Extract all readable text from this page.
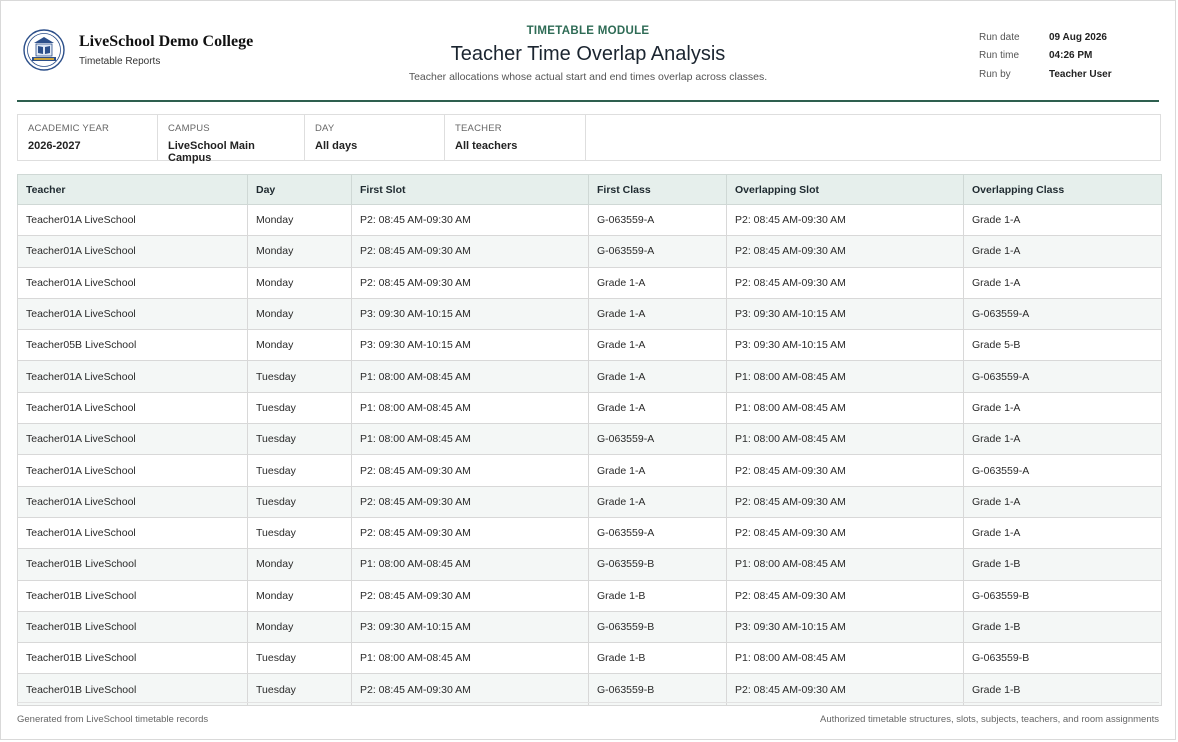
LiveSchool Demo College
Timetable Reports
TIMETABLE MODULE
Teacher Time Overlap Analysis
Teacher allocations whose actual start and end times overlap across classes.
Run date	09 Aug 2026
Run time	04:26 PM
Run by	Teacher User
ACADEMIC YEAR
2026-2027
CAMPUS
LiveSchool Main Campus
DAY
All days
TEACHER
All teachers
Teacher	Day	First Slot	First Class	Overlapping Slot	Overlapping Class
Teacher01A LiveSchool	Monday	P2: 08:45 AM-09:30 AM	G-063559-A	P2: 08:45 AM-09:30 AM	Grade 1-A
Teacher01A LiveSchool	Monday	P2: 08:45 AM-09:30 AM	G-063559-A	P2: 08:45 AM-09:30 AM	Grade 1-A
Teacher01A LiveSchool	Monday	P2: 08:45 AM-09:30 AM	Grade 1-A	P2: 08:45 AM-09:30 AM	Grade 1-A
Teacher01A LiveSchool	Monday	P3: 09:30 AM-10:15 AM	Grade 1-A	P3: 09:30 AM-10:15 AM	G-063559-A
Teacher05B LiveSchool	Monday	P3: 09:30 AM-10:15 AM	Grade 1-A	P3: 09:30 AM-10:15 AM	Grade 5-B
Teacher01A LiveSchool	Tuesday	P1: 08:00 AM-08:45 AM	Grade 1-A	P1: 08:00 AM-08:45 AM	G-063559-A
Teacher01A LiveSchool	Tuesday	P1: 08:00 AM-08:45 AM	Grade 1-A	P1: 08:00 AM-08:45 AM	Grade 1-A
Teacher01A LiveSchool	Tuesday	P1: 08:00 AM-08:45 AM	G-063559-A	P1: 08:00 AM-08:45 AM	Grade 1-A
Teacher01A LiveSchool	Tuesday	P2: 08:45 AM-09:30 AM	Grade 1-A	P2: 08:45 AM-09:30 AM	G-063559-A
Teacher01A LiveSchool	Tuesday	P2: 08:45 AM-09:30 AM	Grade 1-A	P2: 08:45 AM-09:30 AM	Grade 1-A
Teacher01A LiveSchool	Tuesday	P2: 08:45 AM-09:30 AM	G-063559-A	P2: 08:45 AM-09:30 AM	Grade 1-A
Teacher01B LiveSchool	Monday	P1: 08:00 AM-08:45 AM	G-063559-B	P1: 08:00 AM-08:45 AM	Grade 1-B
Teacher01B LiveSchool	Monday	P2: 08:45 AM-09:30 AM	Grade 1-B	P2: 08:45 AM-09:30 AM	G-063559-B
Teacher01B LiveSchool	Monday	P3: 09:30 AM-10:15 AM	G-063559-B	P3: 09:30 AM-10:15 AM	Grade 1-B
Teacher01B LiveSchool	Tuesday	P1: 08:00 AM-08:45 AM	Grade 1-B	P1: 08:00 AM-08:45 AM	G-063559-B
Teacher01B LiveSchool	Tuesday	P2: 08:45 AM-09:30 AM	G-063559-B	P2: 08:45 AM-09:30 AM	Grade 1-B
Generated from LiveSchool timetable records	Authorized timetable structures, slots, subjects, teachers, and room assignments
